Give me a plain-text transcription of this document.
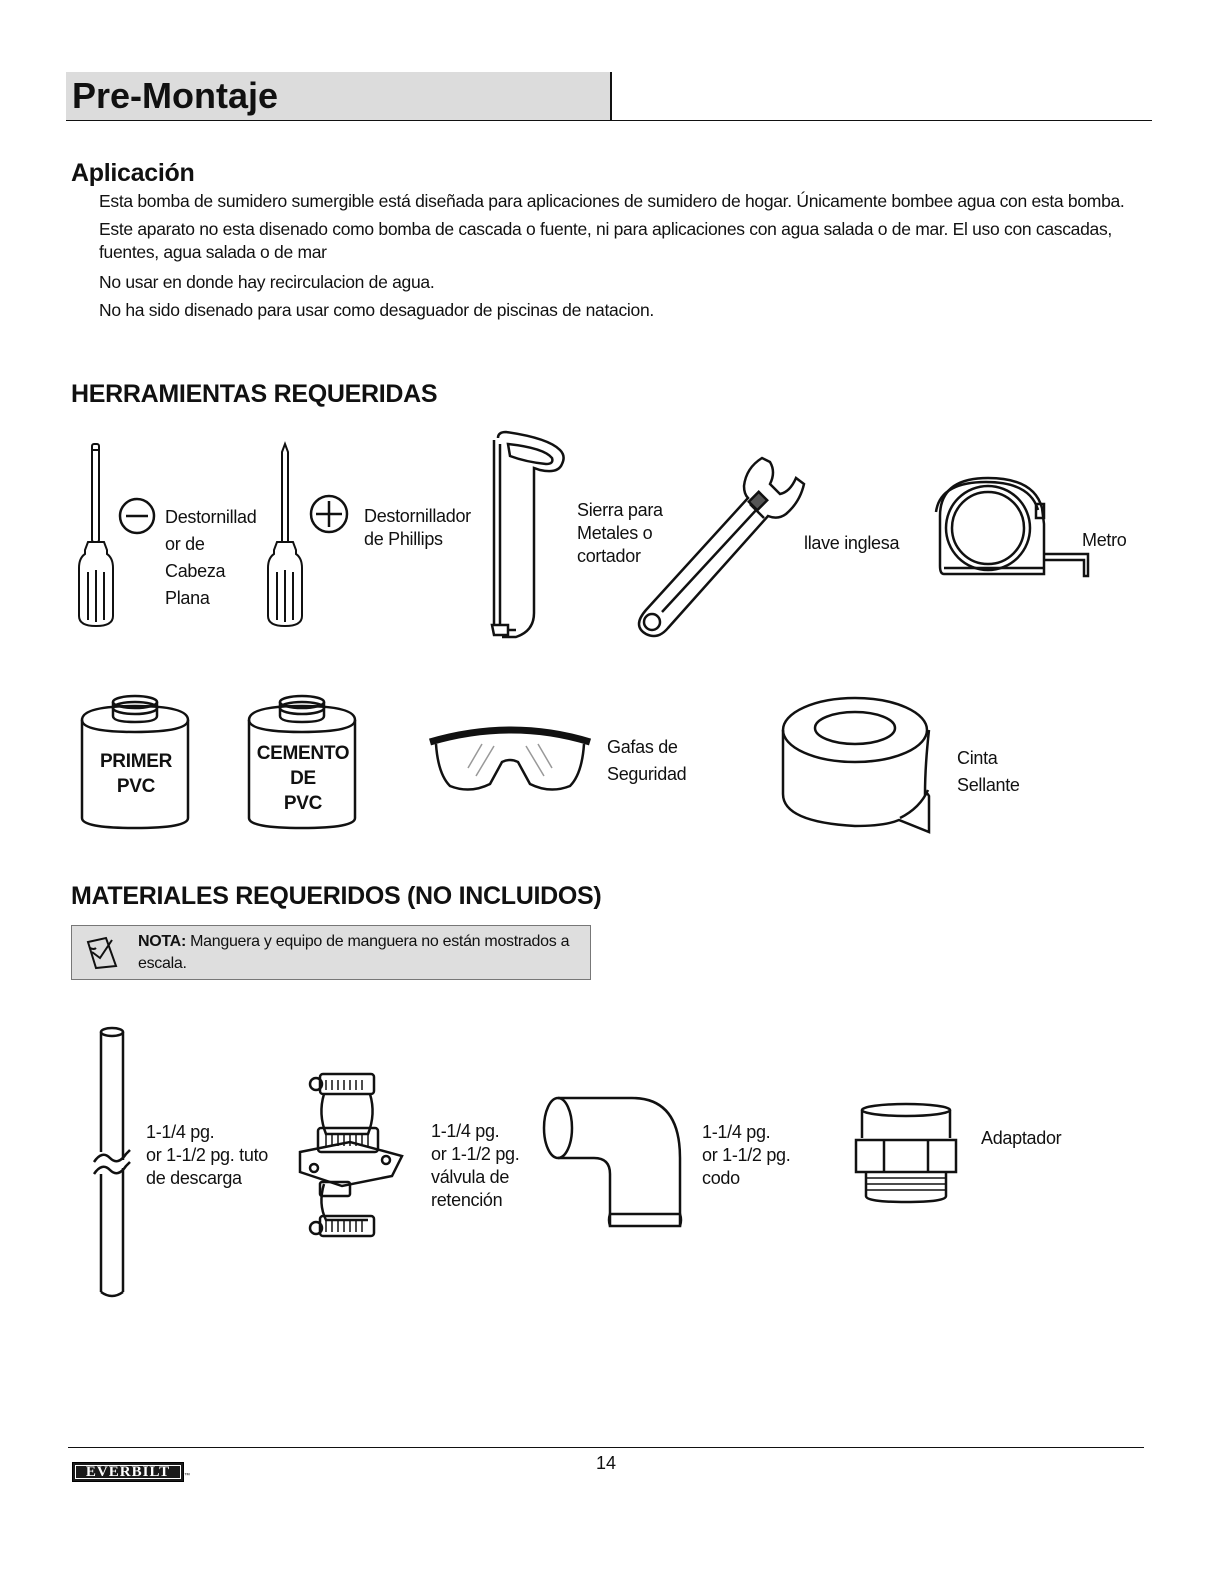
Pre-Montaje
Aplicación
Esta bomba de sumidero sumergible está diseñada para aplicaciones de sumidero de hogar. Únicamente bombee agua con esta bomba.
Este aparato no esta disenado como bomba de cascada o fuente, ni para aplicaciones con agua salada o de mar. El uso con cascadas, fuentes, agua salada o de mar
No usar en donde hay recirculacion de agua.
No ha sido disenado para usar como desaguador de piscinas de natacion.
HERRAMIENTAS REQUERIDAS
Destornillad
or de
Cabeza
Plana
Destornillador
de Phillips
Sierra para
Metales o
cortador
llave inglesa	Metro
PRIMER
PVC
CEMENTO
DE
PVC
Gafas de
Seguridad
Cinta
Sellante
MATERIALES REQUERIDOS (NO INCLUIDOS)
NOTA: Manguera y equipo de manguera no están mostrados a escala.
1-1/4 pg.
or 1-1/2 pg. tuto
de descarga
1-1/4 pg.
or 1-1/2 pg.
válvula de
retención
1-1/4 pg.
or 1-1/2 pg.
codo
Adaptador
EVERBILT	™
14
